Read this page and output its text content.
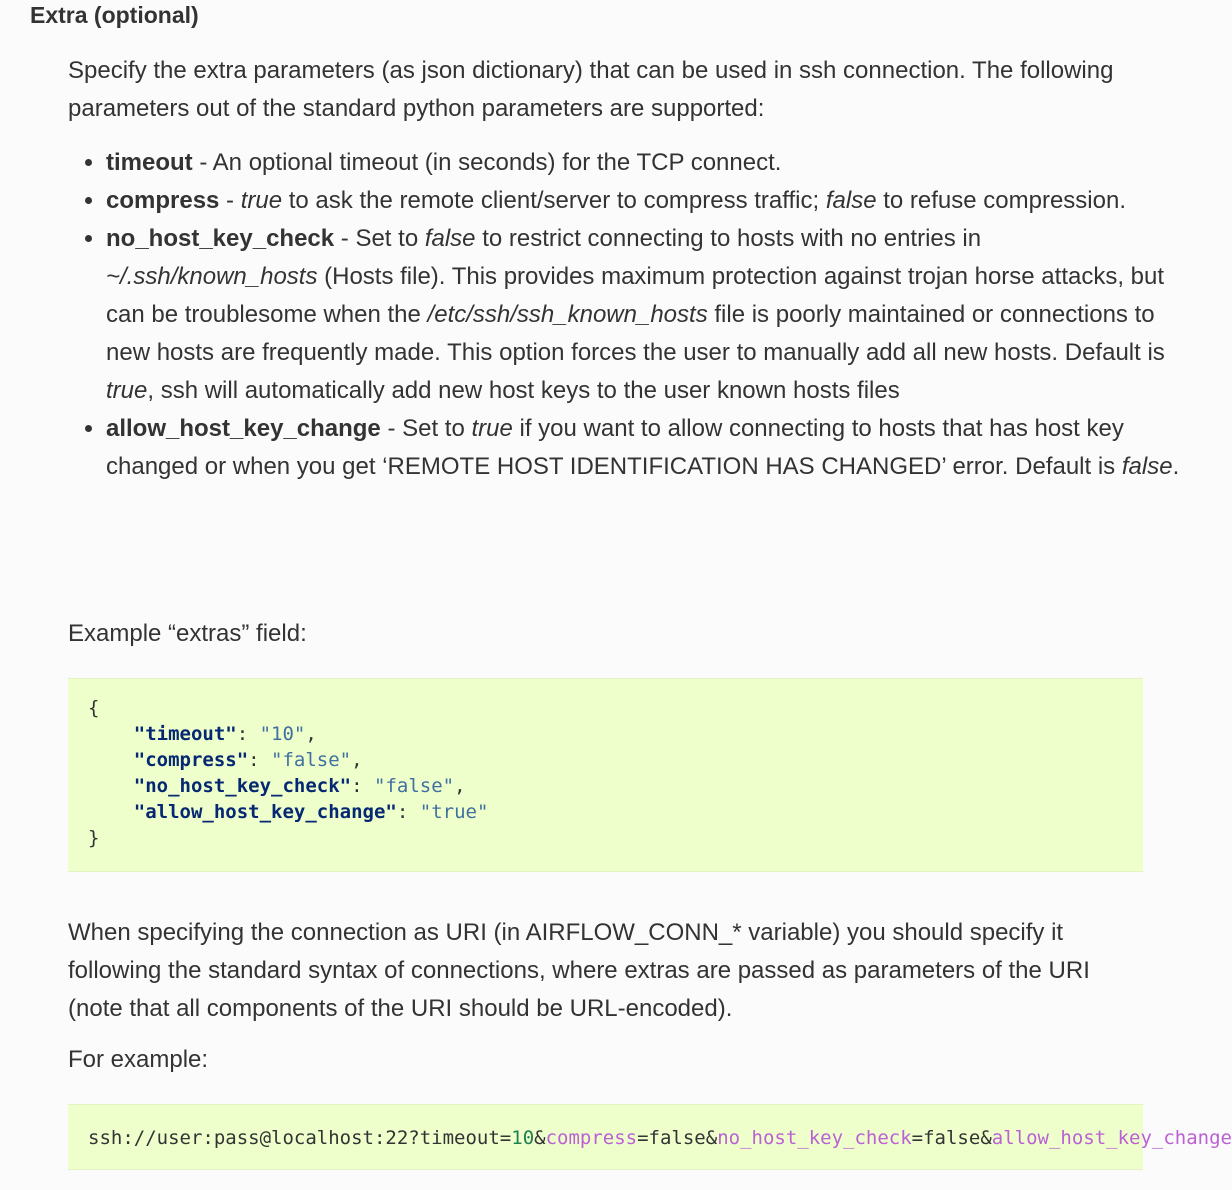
Extra (optional)

Specify the extra parameters (as json dictionary) that can be used in ssh connection. The following parameters out of the standard python parameters are supported:

• timeout - An optional timeout (in seconds) for the TCP connect.
• compress - true to ask the remote client/server to compress traffic; false to refuse compression.
• no_host_key_check - Set to false to restrict connecting to hosts with no entries in ~/.ssh/known_hosts (Hosts file). This provides maximum protection against trojan horse attacks, but can be troublesome when the /etc/ssh/ssh_known_hosts file is poorly maintained or connections to new hosts are frequently made. This option forces the user to manually add all new hosts. Default is true, ssh will automatically add new host keys to the user known hosts files
• allow_host_key_change - Set to true if you want to allow connecting to hosts that has host key changed or when you get ‘REMOTE HOST IDENTIFICATION HAS CHANGED’ error. Default is false.

Example “extras” field:

{
"timeout": "10",
"compress": "false",
"no_host_key_check": "false",
"allow_host_key_change": "true"
}

When specifying the connection as URI (in AIRFLOW_CONN_* variable) you should specify it following the standard syntax of connections, where extras are passed as parameters of the URI (note that all components of the URI should be URL-encoded).

For example:

ssh://user:pass@localhost:22?timeout=10&compress=false&no_host_key_check=false&allow_host_key_change
